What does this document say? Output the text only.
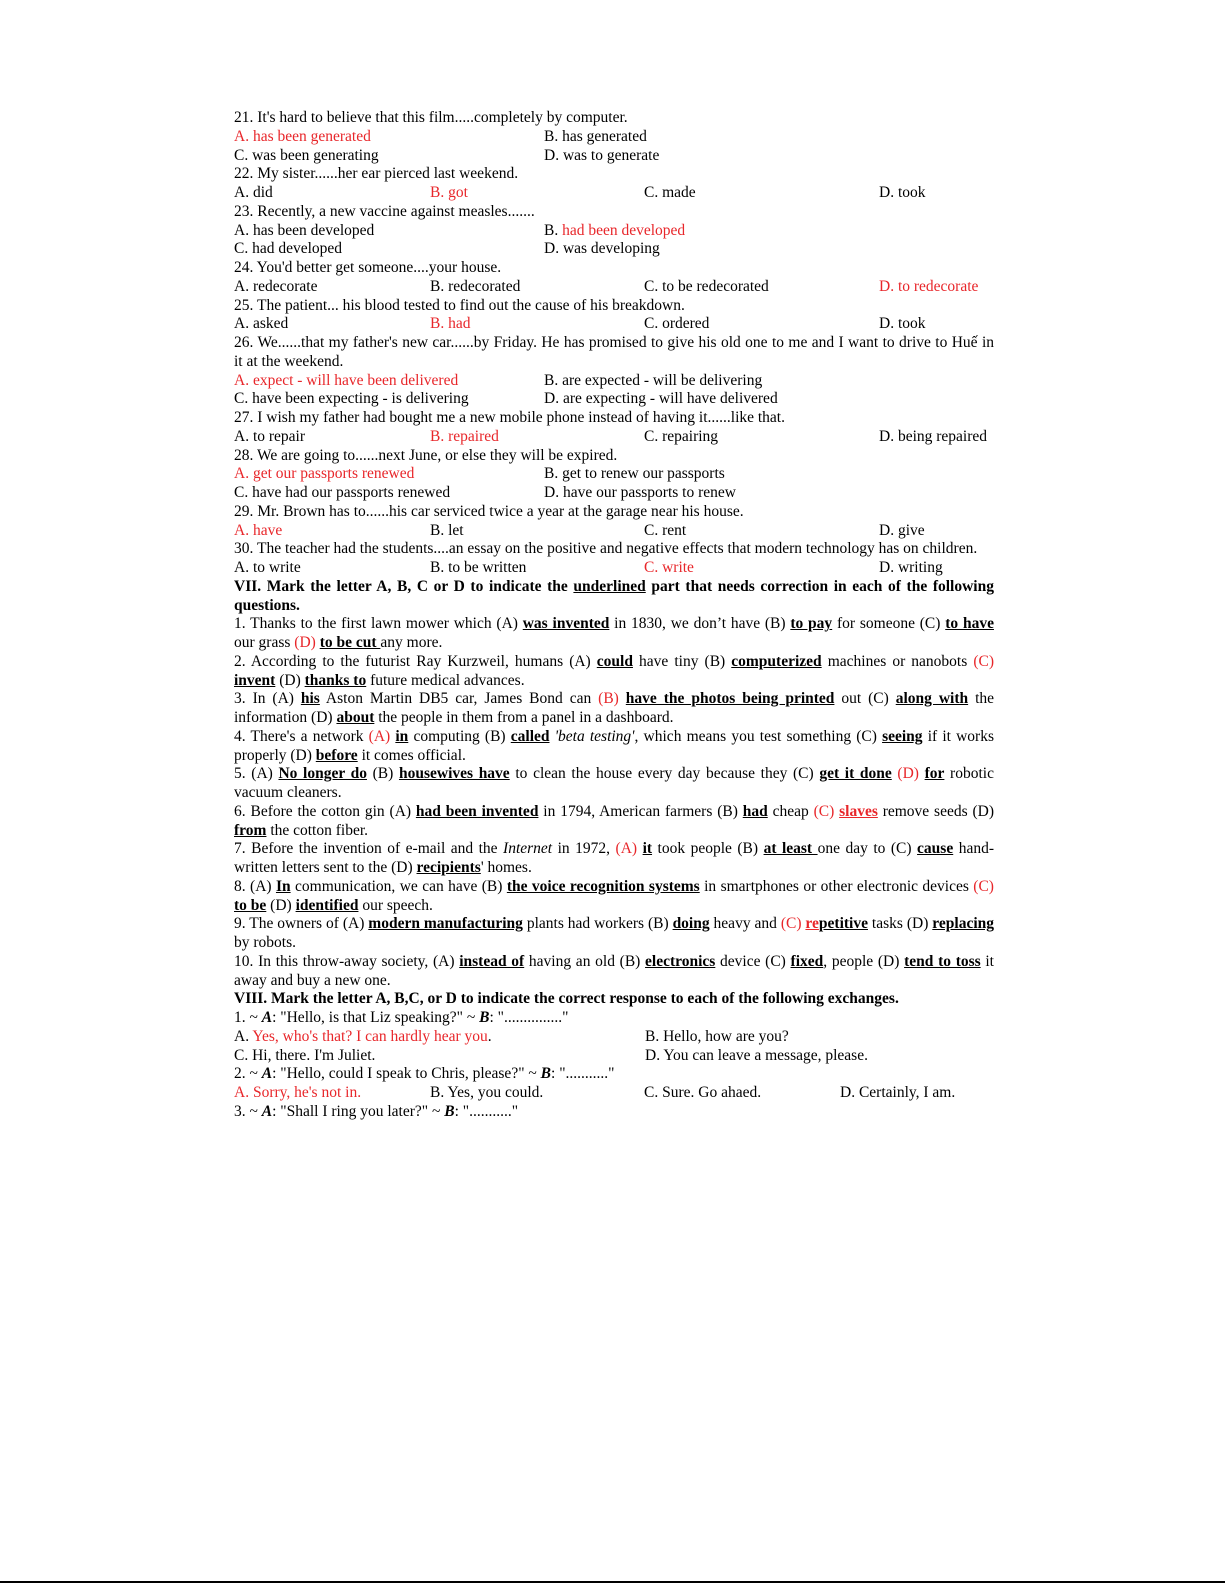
21. It's hard to believe that this film.....completely by computer.
A. has been generated	B. has generated
C. was been generating	D. was to generate
22. My sister......her ear pierced last weekend.
A. did	B. got	C. made	D. took
23. Recently, a new vaccine against measles.......
A. has been developed	B. had been developed
C. had developed	D. was developing
24. You'd better get someone....your house.
A. redecorate	B. redecorated	C. to be redecorated	D. to redecorate
25. The patient... his blood tested to find out the cause of his breakdown.
A. asked	B. had	C. ordered	D. took
26. We......that my father's new car......by Friday. He has promised to give his old one to me and I want to drive to Huế in it at the weekend.
A. expect - will have been delivered	B. are expected - will be delivering
C. have been expecting - is delivering	D. are expecting - will have delivered
27. I wish my father had bought me a new mobile phone instead of having it......like that.
A. to repair	B. repaired	C. repairing	D. being repaired
28. We are going to......next June, or else they will be expired.
A. get our passports renewed	B. get to renew our passports
C. have had our passports renewed	D. have our passports to renew
29. Mr. Brown has to......his car serviced twice a year at the garage near his house.
A. have	B. let	C. rent	D. give
30. The teacher had the students....an essay on the positive and negative effects that modern technology has on children.
A. to write	B. to be written	C. write	D. writing
VII. Mark the letter A, B, C or D to indicate the underlined part that needs correction in each of the following questions.
1. Thanks to the first lawn mower which (A) was invented in 1830, we don’t have (B) to pay for someone (C) to have our grass (D) to be cut any more.
2. According to the futurist Ray Kurzweil, humans (A) could have tiny (B) computerized machines or nanobots (C) invent (D) thanks to future medical advances.
3. In (A) his Aston Martin DB5 car, James Bond can (B) have the photos being printed out (C) along with the information (D) about the people in them from a panel in a dashboard.
4. There's a network (A) in computing (B) called 'beta testing', which means you test something (C) seeing if it works properly (D) before it comes official.
5. (A) No longer do (B) housewives have to clean the house every day because they (C) get it done (D) for robotic vacuum cleaners.
6. Before the cotton gin (A) had been invented in 1794, American farmers (B) had cheap (C) slaves remove seeds (D) from the cotton fiber.
7. Before the invention of e-mail and the Internet in 1972, (A) it took people (B) at least one day to (C) cause hand-written letters sent to the (D) recipients' homes.
8. (A) In communication, we can have (B) the voice recognition systems in smartphones or other electronic devices (C) to be (D) identified our speech.
9. The owners of (A) modern manufacturing plants had workers (B) doing heavy and (C) repetitive tasks (D) replacing by robots.
10. In this throw-away society, (A) instead of having an old (B) electronics device (C) fixed, people (D) tend to toss it away and buy a new one.
VIII. Mark the letter A, B,C, or D to indicate the correct response to each of the following exchanges.
1. ~ A: "Hello, is that Liz speaking?" ~ B: "..............."
A. Yes, who's that? I can hardly hear you.	B. Hello, how are you?
C. Hi, there. I'm Juliet.	D. You can leave a message, please.
2. ~ A: "Hello, could I speak to Chris, please?" ~ B: "..........."
A. Sorry, he's not in.	B. Yes, you could.	C. Sure. Go ahaed.	D. Certainly, I am.
3. ~ A: "Shall I ring you later?" ~ B: "..........."
